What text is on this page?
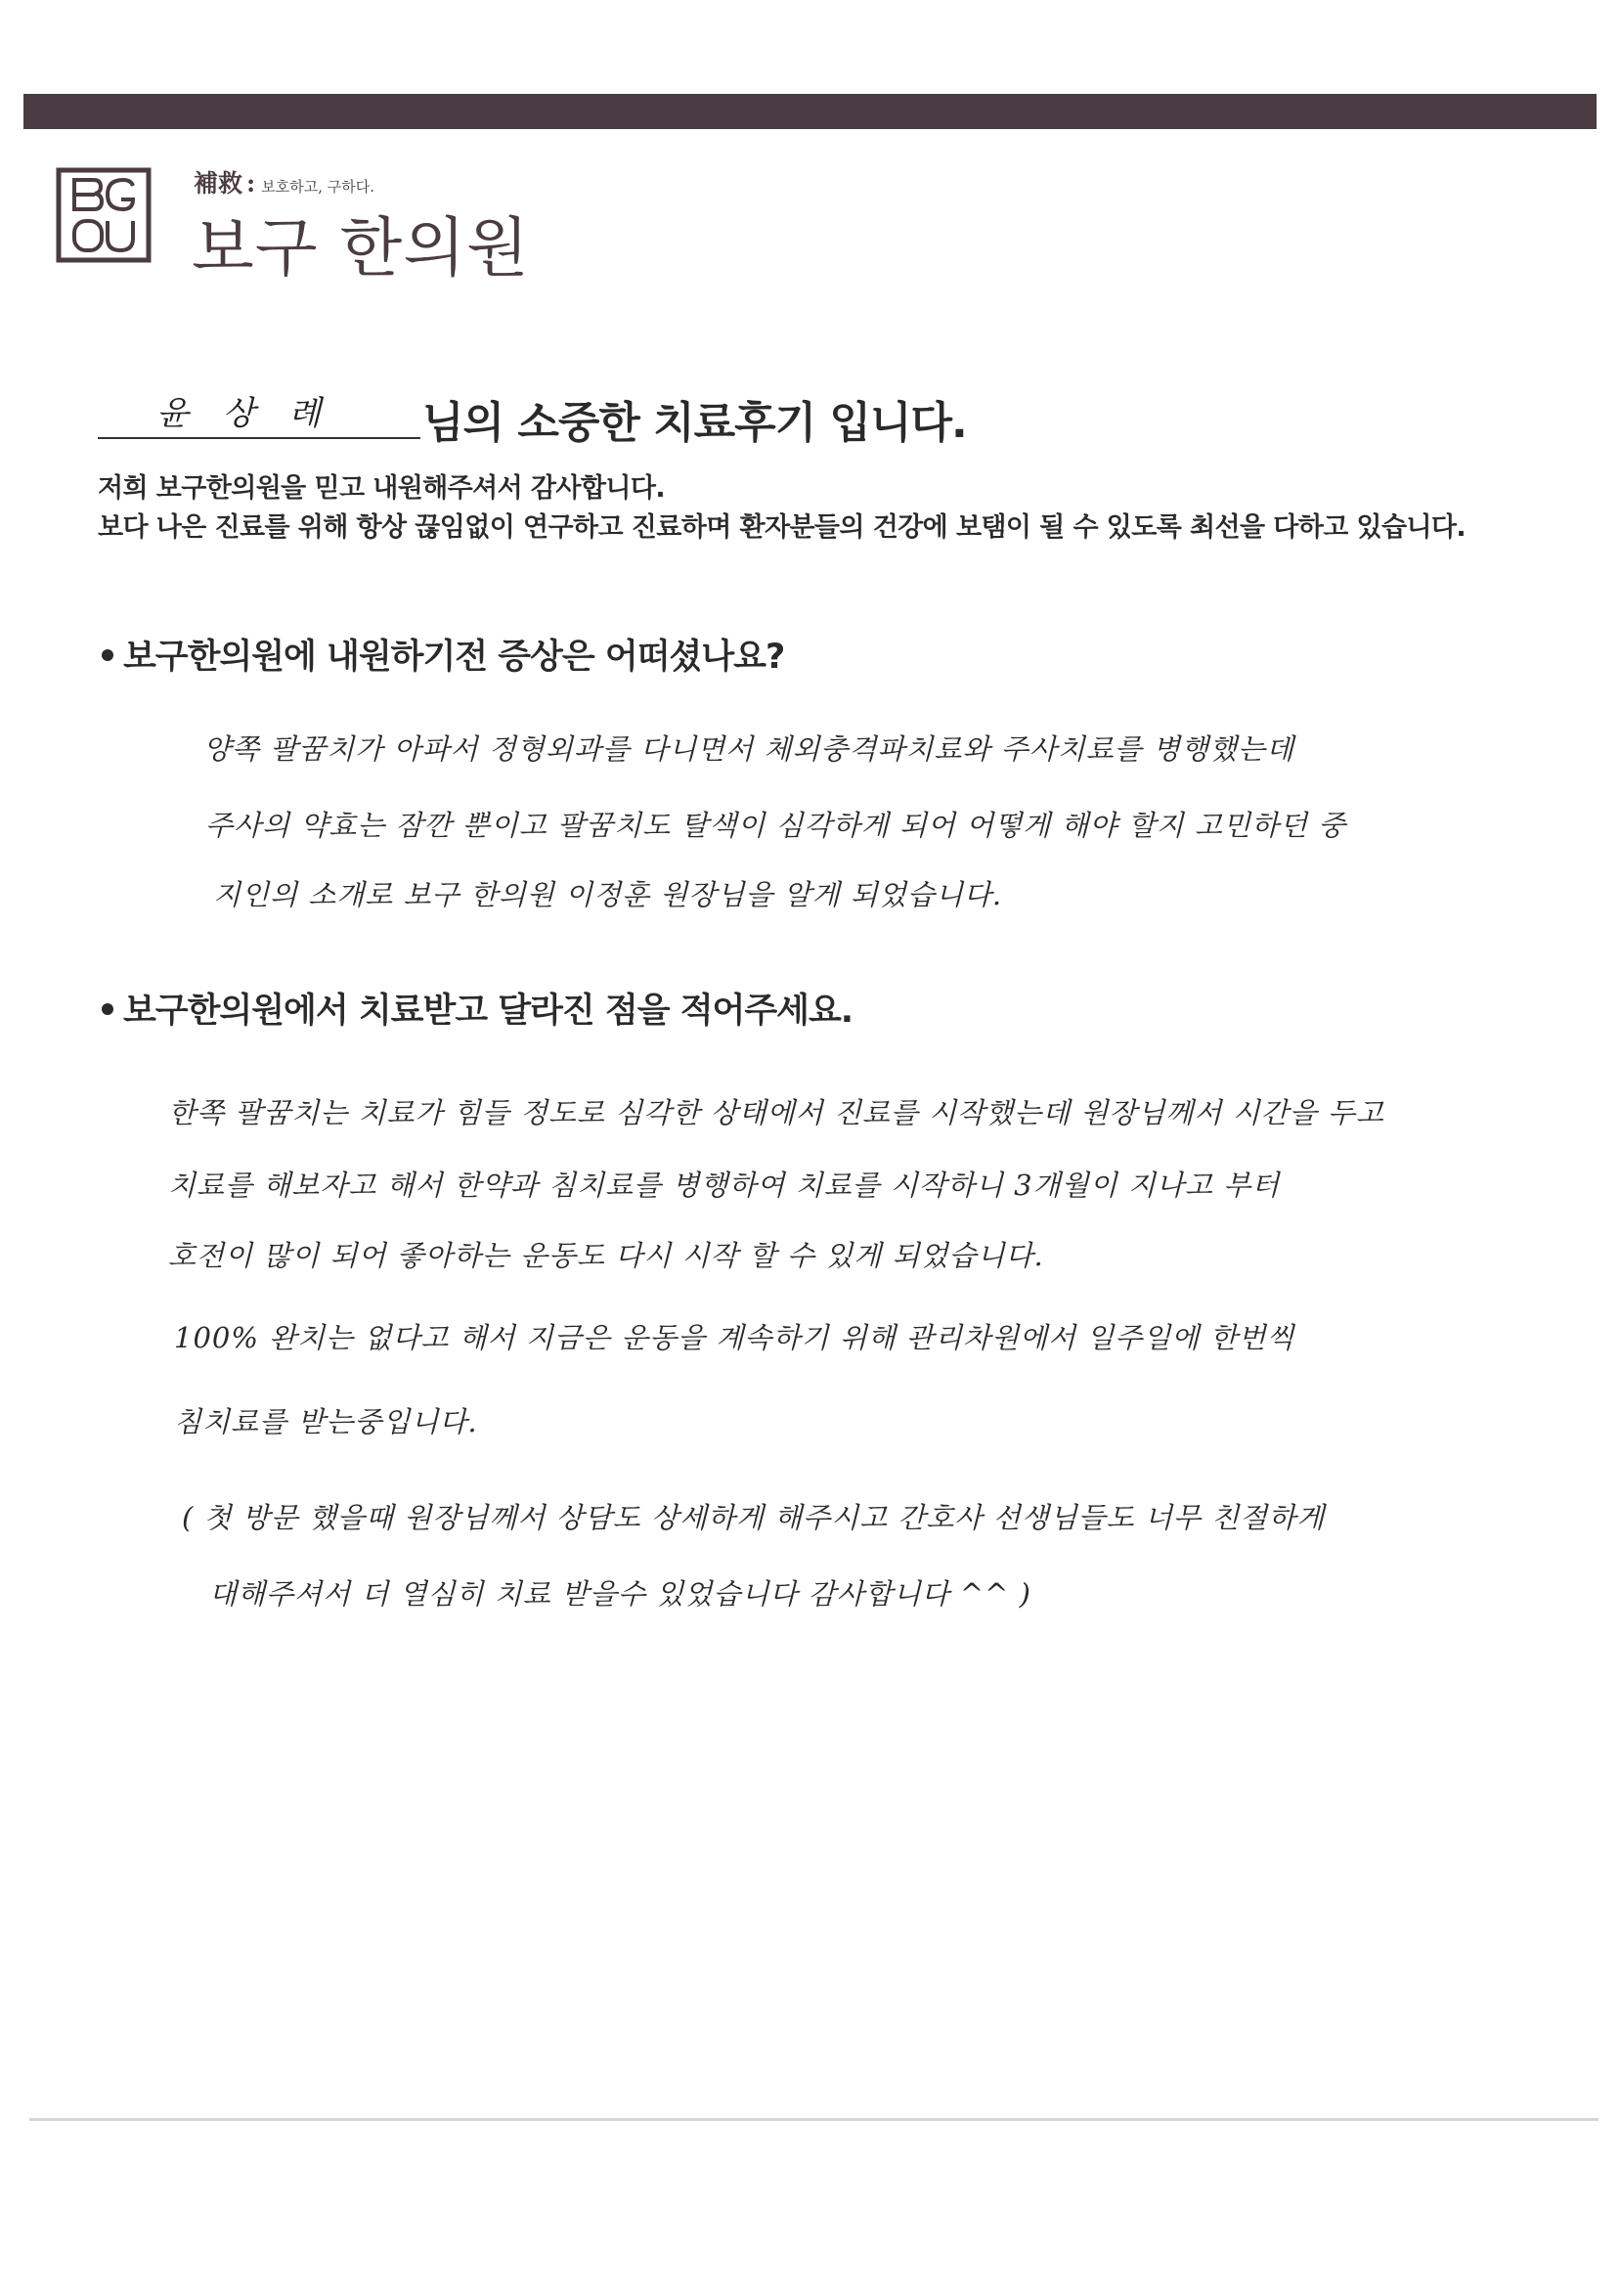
補救 : 보호하고, 구하다.
보구 한의원
윤 상 례 님의 소중한 치료후기 입니다.
저희 보구한의원을 믿고 내원해주셔서 감사합니다.
보다 나은 진료를 위해 항상 끊임없이 연구하고 진료하며 환자분들의 건강에 보탬이 될 수 있도록 최선을 다하고 있습니다.
보구한의원에 내원하기전 증상은 어떠셨나요?
양쪽 팔꿈치가 아파서 정형외과를 다니면서 체외충격파치료와 주사치료를 병행했는데
주사의 약효는 잠깐 뿐이고 팔꿈치도 탈색이 심각하게 되어 어떻게 해야 할지 고민하던 중
지인의 소개로 보구 한의원 이정훈 원장님을 알게 되었습니다.
보구한의원에서 치료받고 달라진 점을 적어주세요.
한쪽 팔꿈치는 치료가 힘들 정도로 심각한 상태에서 진료를 시작했는데 원장님께서 시간을 두고
치료를 해보자고 해서 한약과 침치료를 병행하여 치료를 시작하니 3개월이 지나고 부터
호전이 많이 되어 좋아하는 운동도 다시 시작 할 수 있게 되었습니다.
100% 완치는 없다고 해서 지금은 운동을 계속하기 위해 관리차원에서 일주일에 한번씩
침치료를 받는중입니다.
( 첫 방문 했을때 원장님께서 상담도 상세하게 해주시고 간호사 선생님들도 너무 친절하게
대해주셔서 더 열심히 치료 받을수 있었습니다 감사합니다 ^^ )
